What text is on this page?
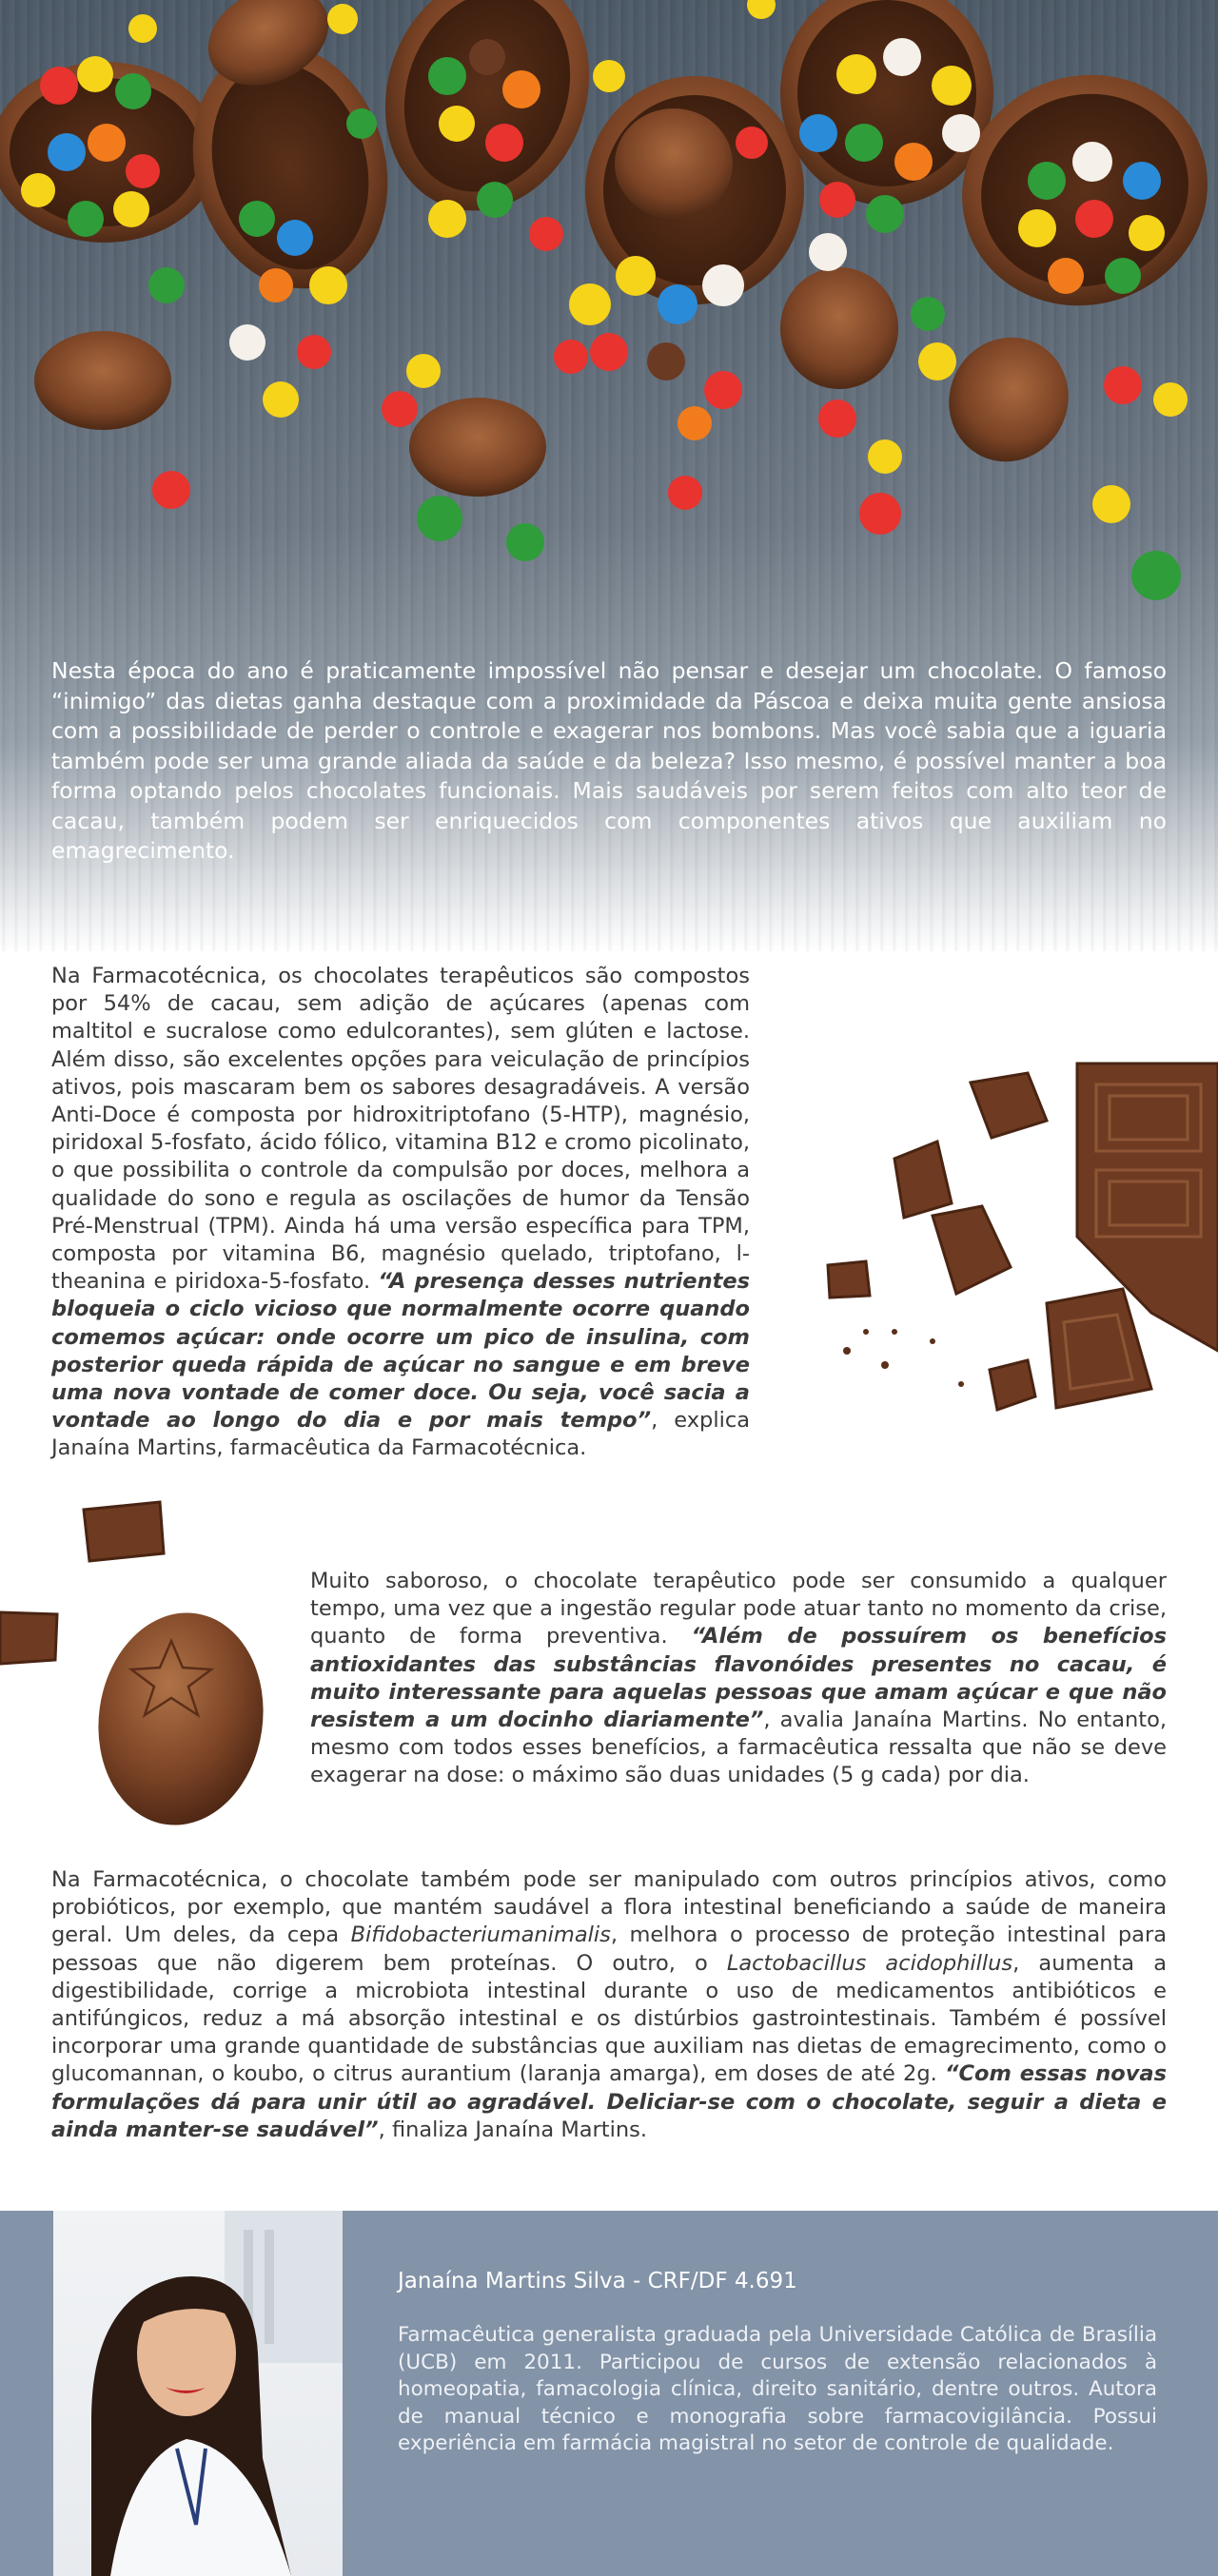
Nesta época do ano é praticamente impossível não pensar e desejar um chocolate. O famoso “inimigo” das dietas ganha destaque com a proximidade da Páscoa e deixa muita gente ansiosa com a possibilidade de perder o controle e exagerar nos bombons. Mas você sabia que a iguaria também pode ser uma grande aliada da saúde e da beleza? Isso mesmo, é possível manter a boa forma optando pelos chocolates funcionais. Mais saudáveis por serem feitos com alto teor de cacau, também podem ser enriquecidos com componentes ativos que auxiliam no emagrecimento.

Na Farmacotécnica, os chocolates terapêuticos são compostos por 54% de cacau, sem adição de açúcares (apenas com maltitol e sucralose como edulcorantes), sem glúten e lactose. Além disso, são excelentes opções para veiculação de princípios ativos, pois mascaram bem os sabores desagradáveis. A versão Anti-Doce é composta por hidroxitriptofano (5-HTP), magnésio, piridoxal 5-fosfato, ácido fólico, vitamina B12 e cromo picolinato, o que possibilita o controle da compulsão por doces, melhora a qualidade do sono e regula as oscilações de humor da Tensão Pré-Menstrual (TPM). Ainda há uma versão específica para TPM, composta por vitamina B6, magnésio quelado, triptofano, l-theanina e piridoxa-5-fosfato. “A presença desses nutrientes bloqueia o ciclo vicioso que normalmente ocorre quando comemos açúcar: onde ocorre um pico de insulina, com posterior queda rápida de açúcar no sangue e em breve uma nova vontade de comer doce. Ou seja, você sacia a vontade ao longo do dia e por mais tempo”, explica Janaína Martins, farmacêutica da Farmacotécnica.

Muito saboroso, o chocolate terapêutico pode ser consumido a qualquer tempo, uma vez que a ingestão regular pode atuar tanto no momento da crise, quanto de forma preventiva. “Além de possuírem os benefícios antioxidantes das substâncias flavonóides presentes no cacau, é muito interessante para aquelas pessoas que amam açúcar e que não resistem a um docinho diariamente”, avalia Janaína Martins. No entanto, mesmo com todos esses benefícios, a farmacêutica ressalta que não se deve exagerar na dose: o máximo são duas unidades (5 g cada) por dia.

Na Farmacotécnica, o chocolate também pode ser manipulado com outros princípios ativos, como probióticos, por exemplo, que mantém saudável a flora intestinal beneficiando a saúde de maneira geral. Um deles, da cepa Bifidobacteriumanimalis, melhora o processo de proteção intestinal para pessoas que não digerem bem proteínas. O outro, o Lactobacillus acidophillus, aumenta a digestibilidade, corrige a microbiota intestinal durante o uso de medicamentos antibióticos e antifúngicos, reduz a má absorção intestinal e os distúrbios gastrointestinais. Também é possível incorporar uma grande quantidade de substâncias que auxiliam nas dietas de emagrecimento, como o glucomannan, o koubo, o citrus aurantium (laranja amarga), em doses de até 2g. “Com essas novas formulações dá para unir útil ao agradável. Deliciar-se com o chocolate, seguir a dieta e ainda manter-se saudável”, finaliza Janaína Martins.

Janaína Martins Silva - CRF/DF 4.691

Farmacêutica generalista graduada pela Universidade Católica de Brasília (UCB) em 2011. Participou de cursos de extensão relacionados à homeopatia, famacologia clínica, direito sanitário, dentre outros. Autora de manual técnico e monografia sobre farmacovigilância. Possui experiência em farmácia magistral no setor de controle de qualidade.
